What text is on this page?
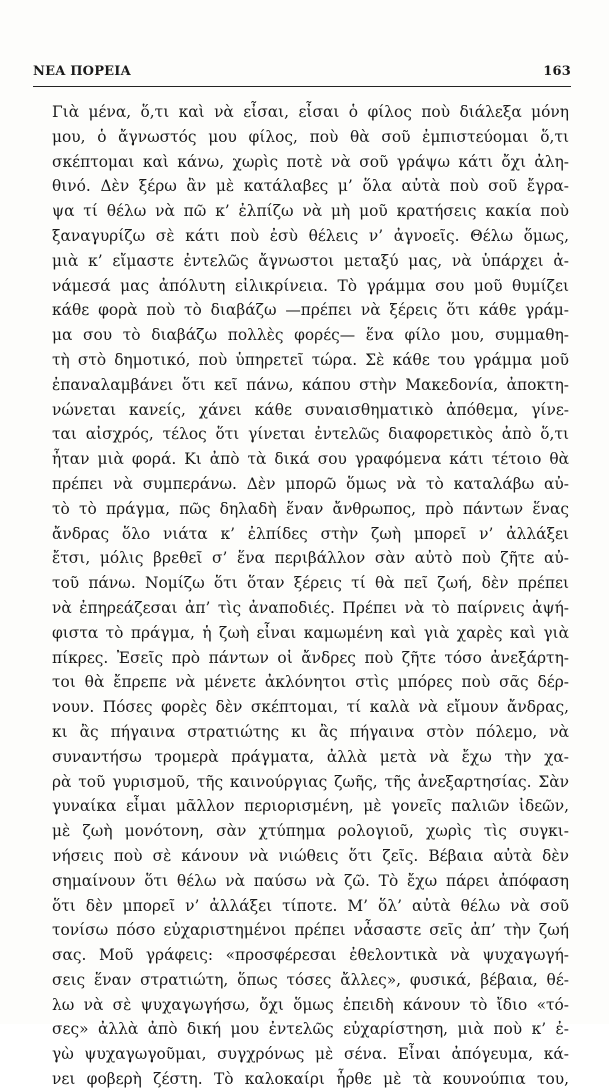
ΝΕΑ ΠΟΡΕΙΑ	163
Γιὰ μένα, ὅ,τι καὶ νὰ εἶσαι, εἶσαι ὁ φίλος ποὺ διάλεξα μόνη
μου, ὁ ἄγνωστός μου φίλος, ποὺ θὰ σοῦ ἐμπιστεύομαι ὅ,τι
σκέπτομαι καὶ κάνω, χωρὶς ποτὲ νὰ σοῦ γράψω κάτι ὄχι ἀλη-
θινό. Δὲν ξέρω ἂν μὲ κατάλαβες μ’ ὅλα αὐτὰ ποὺ σοῦ ἔγρα-
ψα τί θέλω νὰ πῶ κ’ ἐλπίζω νὰ μὴ μοῦ κρατήσεις κακία ποὺ
ξαναγυρίζω σὲ κάτι ποὺ ἐσὺ θέλεις ν’ ἀγνοεῖς. Θέλω ὅμως,
μιὰ κ’ εἴμαστε ἐντελῶς ἄγνωστοι μεταξύ μας, νὰ ὑπάρχει ἀ-
νάμεσά μας ἀπόλυτη εἰλικρίνεια. Τὸ γράμμα σου μοῦ θυμίζει
κάθε φορὰ ποὺ τὸ διαβάζω —πρέπει νὰ ξέρεις ὅτι κάθε γράμ-
μα σου τὸ διαβάζω πολλὲς φορές— ἕνα φίλο μου, συμμαθη-
τὴ στὸ δημοτικό, ποὺ ὑπηρετεῖ τώρα. Σὲ κάθε του γράμμα μοῦ
ἐπαναλαμβάνει ὅτι κεῖ πάνω, κάπου στὴν Μακεδονία, ἀποκτη-
νώνεται κανείς, χάνει κάθε συναισθηματικὸ ἀπόθεμα, γίνε-
ται αἰσχρός, τέλος ὅτι γίνεται ἐντελῶς διαφορετικὸς ἀπὸ ὅ,τι
ἦταν μιὰ φορά. Κι ἀπὸ τὰ δικά σου γραφόμενα κάτι τέτοιο θὰ
πρέπει νὰ συμπεράνω. Δὲν μπορῶ ὅμως νὰ τὸ καταλάβω αὐ-
τὸ τὸ πράγμα, πῶς δηλαδὴ ἕναν ἄνθρωπος, πρὸ πάντων ἕνας
ἄνδρας ὅλο νιάτα κ’ ἐλπίδες στὴν ζωὴ μπορεῖ ν’ ἀλλάξει
ἔτσι, μόλις βρεθεῖ σ’ ἕνα περιβάλλον σὰν αὐτὸ ποὺ ζῆτε αὐ-
τοῦ πάνω. Νομίζω ὅτι ὅταν ξέρεις τί θὰ πεῖ ζωή, δὲν πρέπει
νὰ ἐπηρεάζεσαι ἀπ’ τὶς ἀναποδιές. Πρέπει νὰ τὸ παίρνεις ἀψή-
φιστα τὸ πράγμα, ἡ ζωὴ εἶναι καμωμένη καὶ γιὰ χαρὲς καὶ γιὰ
πίκρες. Ἐσεῖς πρὸ πάντων οἱ ἄνδρες ποὺ ζῆτε τόσο ἀνεξάρτη-
τοι θὰ ἔπρεπε νὰ μένετε ἀκλόνητοι στὶς μπόρες ποὺ σᾶς δέρ-
νουν. Πόσες φορὲς δὲν σκέπτομαι, τί καλὰ νὰ εἴμουν ἄνδρας,
κι ἂς πήγαινα στρατιώτης κι ἂς πήγαινα στὸν πόλεμο, νὰ
συναντήσω τρομερὰ πράγματα, ἀλλὰ μετὰ νὰ ἔχω τὴν χα-
ρὰ τοῦ γυρισμοῦ, τῆς καινούργιας ζωῆς, τῆς ἀνεξαρτησίας. Σὰν
γυναίκα εἶμαι μᾶλλον περιορισμένη, μὲ γονεῖς παλιῶν ἰδεῶν,
μὲ ζωὴ μονότονη, σὰν χτύπημα ρολογιοῦ, χωρὶς τὶς συγκι-
νήσεις ποὺ σὲ κάνουν νὰ νιώθεις ὅτι ζεῖς. Βέβαια αὐτὰ δὲν
σημαίνουν ὅτι θέλω νὰ παύσω νὰ ζῶ. Τὸ ἔχω πάρει ἀπόφαση
ὅτι δὲν μπορεῖ ν’ ἀλλάξει τίποτε. Μ’ ὅλ’ αὐτὰ θέλω νὰ σοῦ
τονίσω πόσο εὐχαριστημένοι πρέπει νἆσαστε σεῖς ἀπ’ τὴν ζωή
σας. Μοῦ γράφεις: «προσφέρεσαι ἐθελοντικὰ νὰ ψυχαγωγή-
σεις ἕναν στρατιώτη, ὅπως τόσες ἄλλες», φυσικά, βέβαια, θέ-
λω νὰ σὲ ψυχαγωγήσω, ὄχι ὅμως ἐπειδὴ κάνουν τὸ ἴδιο «τό-
σες» ἀλλὰ ἀπὸ δική μου ἐντελῶς εὐχαρίστηση, μιὰ ποὺ κ’ ἐ-
γὼ ψυχαγωγοῦμαι, συγχρόνως μὲ σένα. Εἶναι ἀπόγευμα, κά-
νει φοβερὴ ζέστη. Τὸ καλοκαίρι ἦρθε μὲ τὰ κουνούπια του,
